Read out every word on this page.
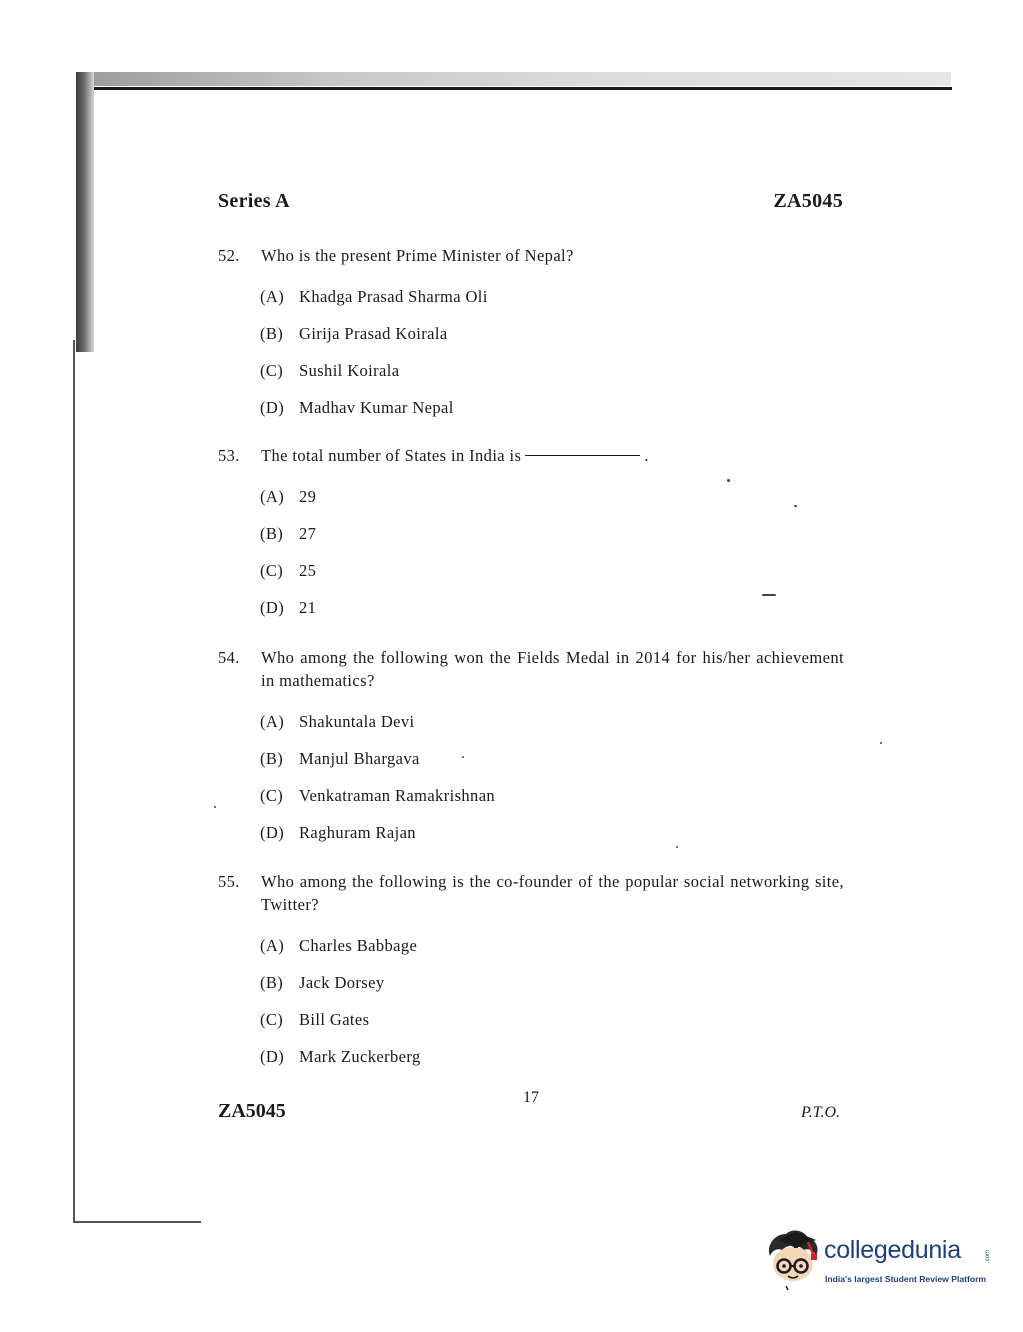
Series A	ZA5045
52.	Who is the present Prime Minister of Nepal?
(A) Khadga Prasad Sharma Oli
(B) Girija Prasad Koirala
(C) Sushil Koirala
(D) Madhav Kumar Nepal
53.	The total number of States in India is	.
(A) 29
(B) 27
(C) 25
(D) 21
54.	Who among the following won the Fields Medal in 2014 for his/her achievement in mathematics?
(A) Shakuntala Devi
(B) Manjul Bhargava
(C) Venkatraman Ramakrishnan
(D) Raghuram Rajan
55.	Who among the following is the co-founder of the popular social networking site, Twitter?
(A) Charles Babbage
(B) Jack Dorsey
(C) Bill Gates
(D) Mark Zuckerberg
17
ZA5045	P.T.O.
collegedunia	.com
India's largest Student Review Platform
